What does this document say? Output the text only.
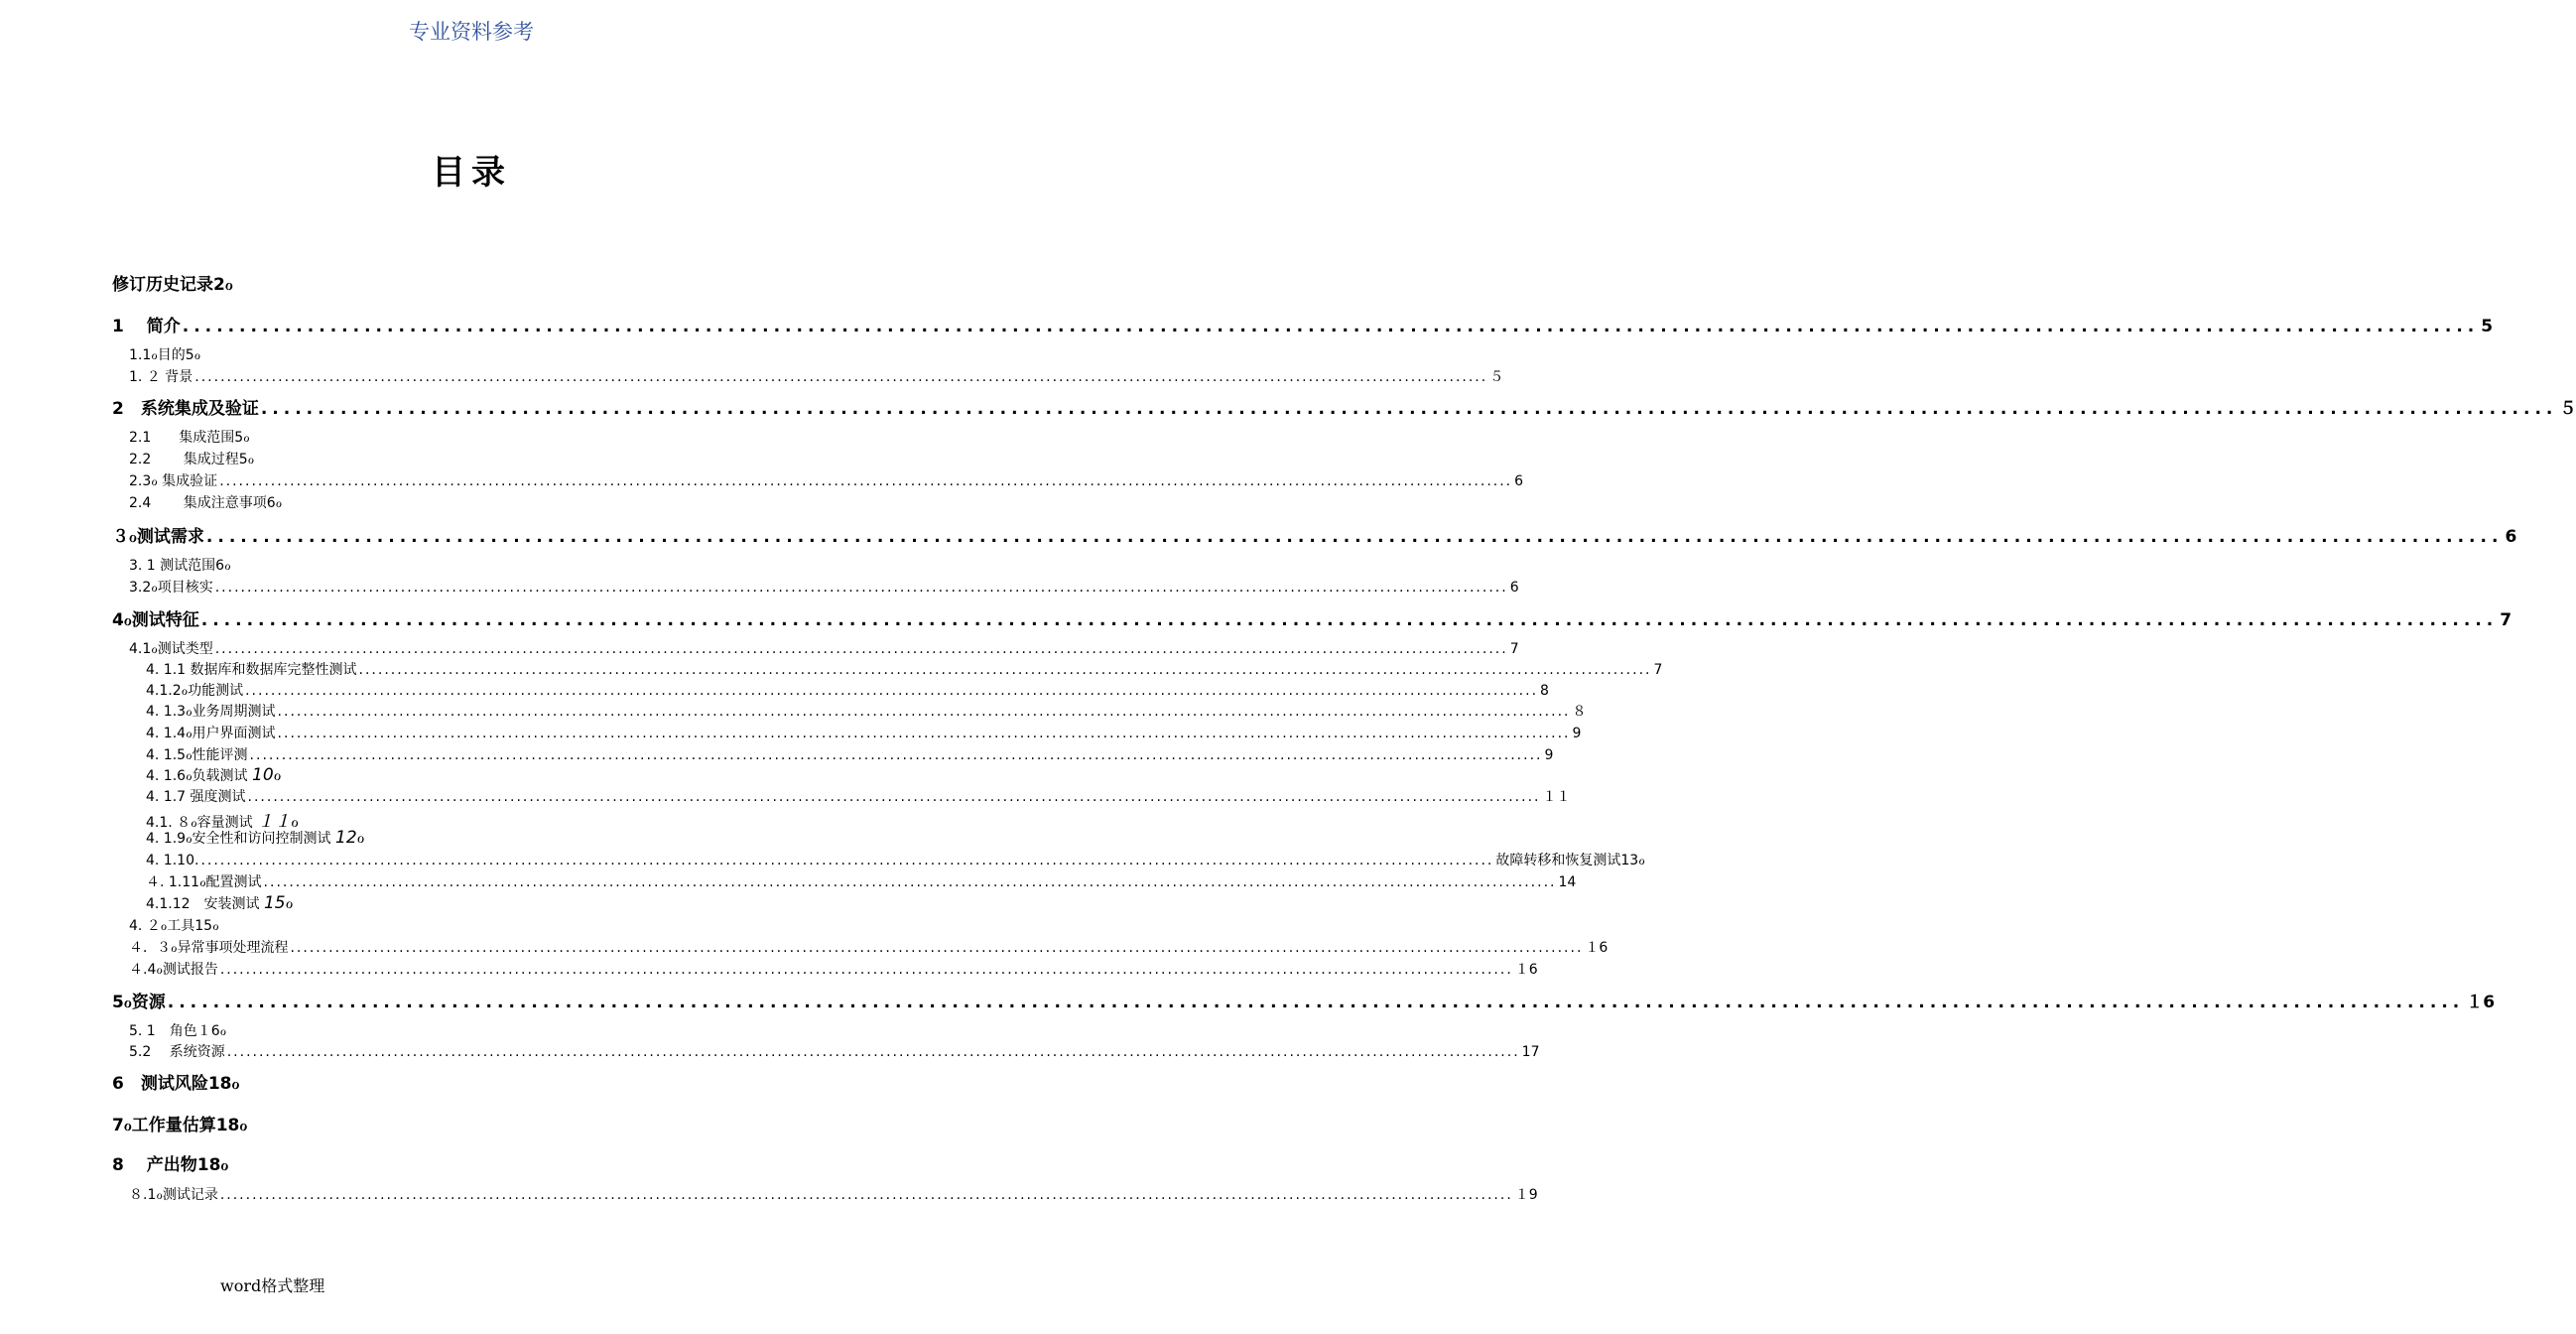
专业资料参考
目录
修订历史记录2ℴ
1　 简介 .......................................................................................................................................................................................................... 5
1.1ℴ目的5ℴ
1. ２ 背景 .......................................................................................................................................................................................................... ５
2　系统集成及验证 .......................................................................................................................................................................................................... ５
2.1　　集成范围5ℴ
2.2　　 集成过程5ℴ
2.3ℴ 集成验证 .......................................................................................................................................................................................................... 6
2.4　　 集成注意事项6ℴ
３ℴ测试需求 .......................................................................................................................................................................................................... 6
3. 1 测试范围6ℴ
3.2ℴ项目核实 .......................................................................................................................................................................................................... 6
4ℴ测试特征 .......................................................................................................................................................................................................... 7
4.1ℴ测试类型 .......................................................................................................................................................................................................... 7
4. 1.1 数据库和数据库完整性测试 .......................................................................................................................................................................................................... 7
4.1.2ℴ功能测试 .......................................................................................................................................................................................................... 8
4. 1.3ℴ业务周期测试 .......................................................................................................................................................................................................... ８
4. 1.4ℴ用户界面测试 .......................................................................................................................................................................................................... 9
4. 1.5ℴ性能评测 .......................................................................................................................................................................................................... 9
4. 1.6ℴ负载测试 10ℴ
4. 1.7 强度测试 .......................................................................................................................................................................................................... １１
4.1. ８ℴ容量测试 １１ℴ
4. 1.9ℴ安全性和访问控制测试 12ℴ
4. 1.10. .......................................................................................................................................................................................................... 故障转移和恢复测试13ℴ
４. 1.11ℴ配置测试 .......................................................................................................................................................................................................... 14
4.1.12　安装测试 15ℴ
4. ２ℴ工具15ℴ
４．３ℴ异常事项处理流程 .......................................................................................................................................................................................................... １6
４.4ℴ测试报告 .......................................................................................................................................................................................................... １6
5ℴ资源 .......................................................................................................................................................................................................... １6
5. 1　角色１6ℴ
5.2　 系统资源 .......................................................................................................................................................................................................... 17
6　测试风险18ℴ
7ℴ工作量估算18ℴ
8　 产出物18ℴ
８.1ℴ测试记录 .......................................................................................................................................................................................................... １9
word格式整理
